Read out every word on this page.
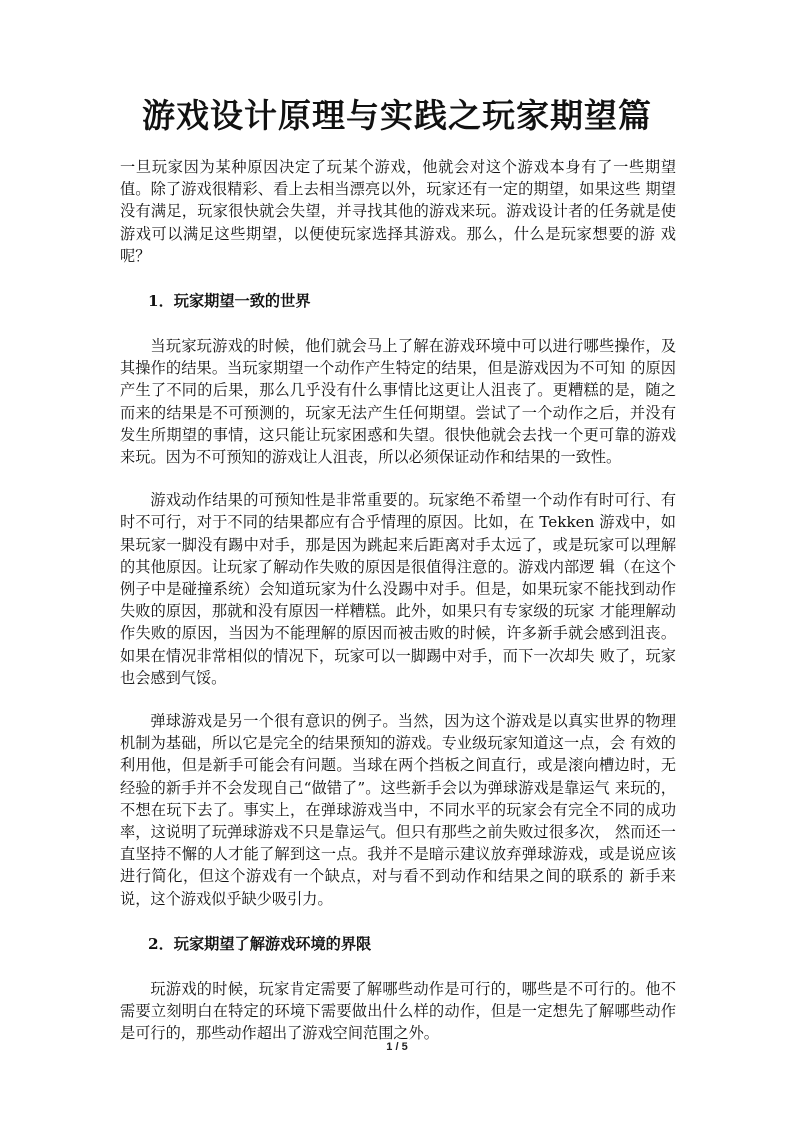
游戏设计原理与实践之玩家期望篇

一旦玩家因为某种原因决定了玩某个游戏，他就会对这个游戏本身有了一些期望值。除了游戏很精彩、看上去相当漂亮以外，玩家还有一定的期望，如果这些 期望没有满足，玩家很快就会失望，并寻找其他的游戏来玩。游戏设计者的任务就是使游戏可以满足这些期望，以便使玩家选择其游戏。那么，什么是玩家想要的游 戏呢？

1．玩家期望一致的世界

当玩家玩游戏的时候，他们就会马上了解在游戏环境中可以进行哪些操作，及其操作的结果。当玩家期望一个动作产生特定的结果，但是游戏因为不可知 的原因产生了不同的后果，那么几乎没有什么事情比这更让人沮丧了。更糟糕的是，随之而来的结果是不可预测的，玩家无法产生任何期望。尝试了一个动作之后，并没有发生所期望的事情，这只能让玩家困惑和失望。很快他就会去找一个更可靠的游戏来玩。因为不可预知的游戏让人沮丧，所以必须保证动作和结果的一致性。

游戏动作结果的可预知性是非常重要的。玩家绝不希望一个动作有时可行、有时不可行，对于不同的结果都应有合乎情理的原因。比如，在 Tekken 游戏中，如果玩家一脚没有踢中对手，那是因为跳起来后距离对手太远了，或是玩家可以理解的其他原因。让玩家了解动作失败的原因是很值得注意的。游戏内部逻 辑（在这个例子中是碰撞系统）会知道玩家为什么没踢中对手。但是，如果玩家不能找到动作失败的原因，那就和没有原因一样糟糕。此外，如果只有专家级的玩家 才能理解动作失败的原因，当因为不能理解的原因而被击败的时候，许多新手就会感到沮丧。如果在情况非常相似的情况下，玩家可以一脚踢中对手，而下一次却失 败了，玩家也会感到气馁。

弹球游戏是另一个很有意识的例子。当然，因为这个游戏是以真实世界的物理机制为基础，所以它是完全的结果预知的游戏。专业级玩家知道这一点，会 有效的利用他，但是新手可能会有问题。当球在两个挡板之间直行，或是滚向槽边时，无经验的新手并不会发现自己“做错了”。这些新手会以为弹球游戏是靠运气 来玩的，不想在玩下去了。事实上，在弹球游戏当中，不同水平的玩家会有完全不同的成功率，这说明了玩弹球游戏不只是靠运气。但只有那些之前失败过很多次， 然而还一直坚持不懈的人才能了解到这一点。我并不是暗示建议放弃弹球游戏，或是说应该进行简化，但这个游戏有一个缺点，对与看不到动作和结果之间的联系的 新手来说，这个游戏似乎缺少吸引力。

2．玩家期望了解游戏环境的界限

玩游戏的时候，玩家肯定需要了解哪些动作是可行的，哪些是不可行的。他不需要立刻明白在特定的环境下需要做出什么样的动作，但是一定想先了解哪些动作是可行的，那些动作超出了游戏空间范围之外。

1 / 5
